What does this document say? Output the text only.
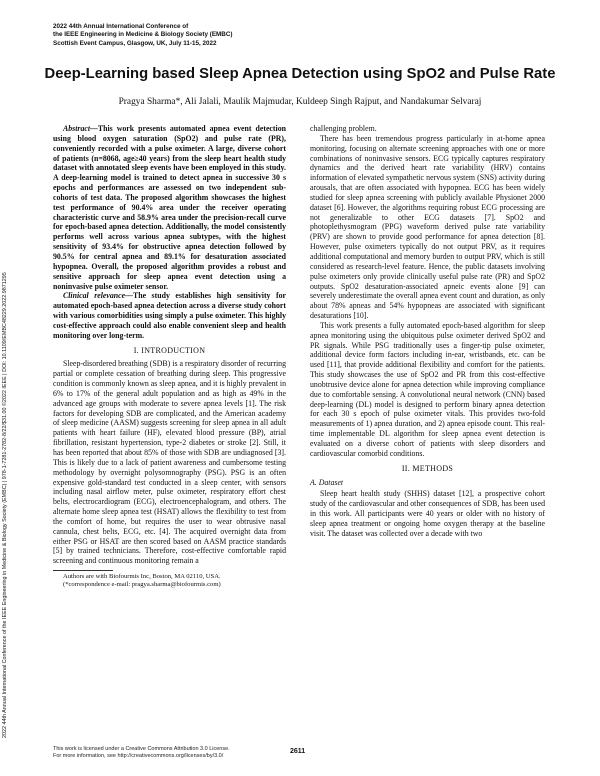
2022 44th Annual International Conference of
the IEEE Engineering in Medicine & Biology Society (EMBC)
Scottish Event Campus, Glasgow, UK, July 11-15, 2022
2022 44th Annual International Conference of the IEEE Engineering in Medicine & Biology Society (EMBC) | 978-1-7281-2782-8/22/$31.00 ©2022 IEEE | DOI: 10.1109/EMBC48229.2022.9871295
Deep-Learning based Sleep Apnea Detection using SpO2 and Pulse Rate
Pragya Sharma*, Ali Jalali, Maulik Majmudar, Kuldeep Singh Rajput, and Nandakumar Selvaraj

Abstract—This work presents automated apnea event detection using blood oxygen saturation (SpO2) and pulse rate (PR), conveniently recorded with a pulse oximeter. A large, diverse cohort of patients (n=8068, age≥40 years) from the sleep heart health study dataset with annotated sleep events have been employed in this study. A deep-learning model is trained to detect apnea in successive 30 s epochs and performances are assessed on two independent sub-cohorts of test data. The proposed algorithm showcases the highest test performance of 90.4% area under the receiver operating characteristic curve and 58.9% area under the precision-recall curve for epoch-based apnea detection. Additionally, the model consistently performs well across various apnea subtypes, with the highest sensitivity of 93.4% for obstructive apnea detection followed by 90.5% for central apnea and 89.1% for desaturation associated hypopnea. Overall, the proposed algorithm provides a robust and sensitive approach for sleep apnea event detection using a noninvasive pulse oximeter sensor.

Clinical relevance—The study establishes high sensitivity for automated epoch-based apnea detection across a diverse study cohort with various comorbidities using simply a pulse oximeter. This highly cost-effective approach could also enable convenient sleep and health monitoring over long-term.

I. INTRODUCTION

Sleep-disordered breathing (SDB) is a respiratory disorder of recurring partial or complete cessation of breathing during sleep. This progressive condition is commonly known as sleep apnea, and it is highly prevalent in 6% to 17% of the general adult population and as high as 49% in the advanced age groups with moderate to severe apnea levels [1]. The risk factors for developing SDB are complicated, and the American academy of sleep medicine (AASM) suggests screening for sleep apnea in all adult patients with heart failure (HF), elevated blood pressure (BP), atrial fibrillation, resistant hypertension, type-2 diabetes or stroke [2]. Still, it has been reported that about 85% of those with SDB are undiagnosed [3]. This is likely due to a lack of patient awareness and cumbersome testing methodology by overnight polysomnography (PSG). PSG is an often expensive gold-standard test conducted in a sleep center, with sensors including nasal airflow meter, pulse oximeter, respiratory effort chest belts, electrocardiogram (ECG), electroencephalogram, and others. The alternate home sleep apnea test (HSAT) allows the flexibility to test from the comfort of home, but requires the user to wear obtrusive nasal cannula, chest belts, ECG, etc. [4]. The acquired overnight data from either PSG or HSAT are then scored based on AASM practice standards [5] by trained technicians. Therefore, cost-effective comfortable rapid screening and continuous monitoring remain a

Authors are with Biofourmis Inc, Boston, MA 02110, USA.

(*correspondence e-mail: pragya.sharma@biofourmis.com)

challenging problem.

There has been tremendous progress particularly in at-home apnea monitoring, focusing on alternate screening approaches with one or more combinations of noninvasive sensors. ECG typically captures respiratory dynamics and the derived heart rate variability (HRV) contains information of elevated sympathetic nervous system (SNS) activity during arousals, that are often associated with hypopnea. ECG has been widely studied for sleep apnea screening with publicly available Physionet 2000 dataset [6]. However, the algorithms requiring robust ECG processing are not generalizable to other ECG datasets [7]. SpO2 and photoplethysmogram (PPG) waveform derived pulse rate variability (PRV) are shown to provide good performance for apnea detection [8]. However, pulse oximeters typically do not output PRV, as it requires additional computational and memory burden to output PRV, which is still considered as research-level feature. Hence, the public datasets involving pulse oximeters only provide clinically useful pulse rate (PR) and SpO2 outputs. SpO2 desaturation-associated apneic events alone [9] can severely underestimate the overall apnea event count and duration, as only about 78% apneas and 54% hypopneas are associated with significant desaturations [10].

This work presents a fully automated epoch-based algorithm for sleep apnea monitoring using the ubiquitous pulse oximeter derived SpO2 and PR signals. While PSG traditionally uses a finger-tip pulse oximeter, additional device form factors including in-ear, wristbands, etc. can be used [11], that provide additional flexibility and comfort for the patients. This study showcases the use of SpO2 and PR from this cost-effective unobtrusive device alone for apnea detection while improving compliance due to comfortable sensing. A convolutional neural network (CNN) based deep-learning (DL) model is designed to perform binary apnea detection for each 30 s epoch of pulse oximeter vitals. This provides two-fold measurements of 1) apnea duration, and 2) apnea episode count. This real-time implementable DL algorithm for sleep apnea event detection is evaluated on a diverse cohort of patients with sleep disorders and cardiovascular comorbid conditions.

II. METHODS
A. Dataset

Sleep heart health study (SHHS) dataset [12], a prospective cohort study of the cardiovascular and other consequences of SDB, has been used in this work. All participants were 40 years or older with no history of sleep apnea treatment or ongoing home oxygen therapy at the baseline visit. The dataset was collected over a decade with two

This work is licensed under a Creative Commons Attribution 3.0 License.
For more information, see http://creativecommons.org/licenses/by/3.0/
2611
